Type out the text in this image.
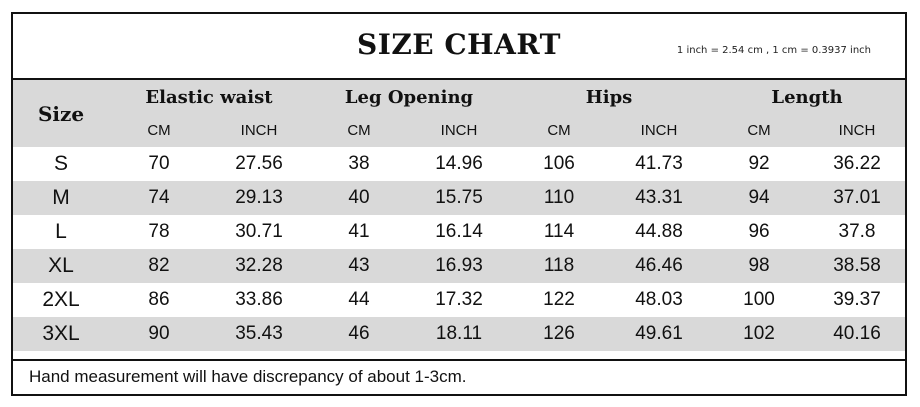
SIZE CHART	1 inch = 2.54 cm , 1 cm = 0.3937 inch
Size	Elastic waist		Leg Opening		Hips		Length	
	CM	INCH	CM	INCH	CM	INCH	CM	INCH
S	70	27.56	38	14.96	106	41.73	92	36.22
M	74	29.13	40	15.75	110	43.31	94	37.01
L	78	30.71	41	16.14	114	44.88	96	37.8
XL	82	32.28	43	16.93	118	46.46	98	38.58
2XL	86	33.86	44	17.32	122	48.03	100	39.37
3XL	90	35.43	46	18.11	126	49.61	102	40.16
Hand measurement will have discrepancy of about 1-3cm.
